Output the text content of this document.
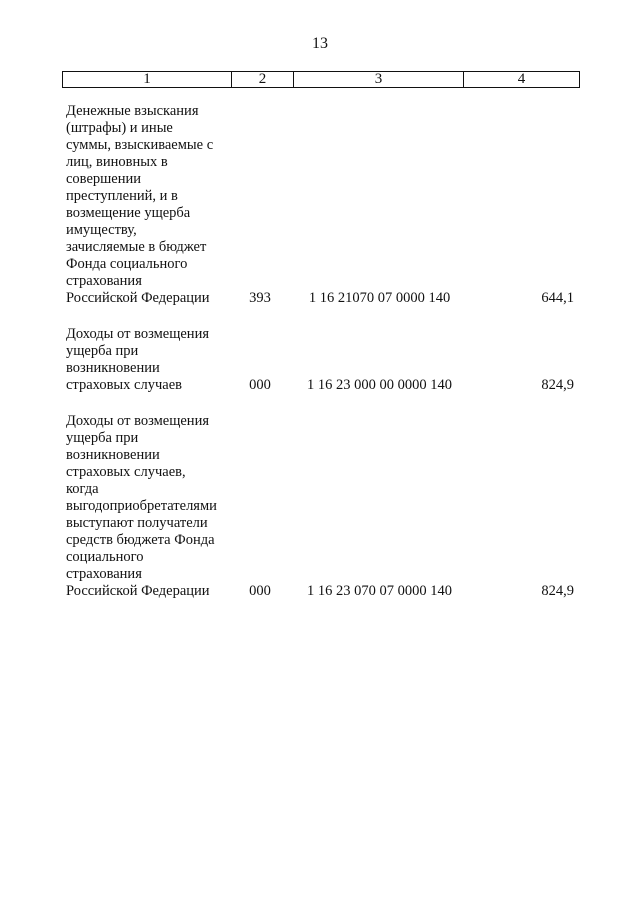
13
1	2	3	4
Денежные взыскания
(штрафы) и иные
суммы, взыскиваемые с
лиц, виновных в
совершении
преступлений, и в
возмещение ущерба
имуществу,
зачисляемые в бюджет
Фонда социального
страхования
Российской Федерации	393	1 16 21070 07 0000 140	644,1
Доходы от возмещения
ущерба при
возникновении
страховых случаев	000	1 16 23 000 00 0000 140	824,9
Доходы от возмещения
ущерба при
возникновении
страховых случаев,
когда
выгодоприобретателями
выступают получатели
средств бюджета Фонда
социального
страхования
Российской Федерации	000	1 16 23 070 07 0000 140	824,9
